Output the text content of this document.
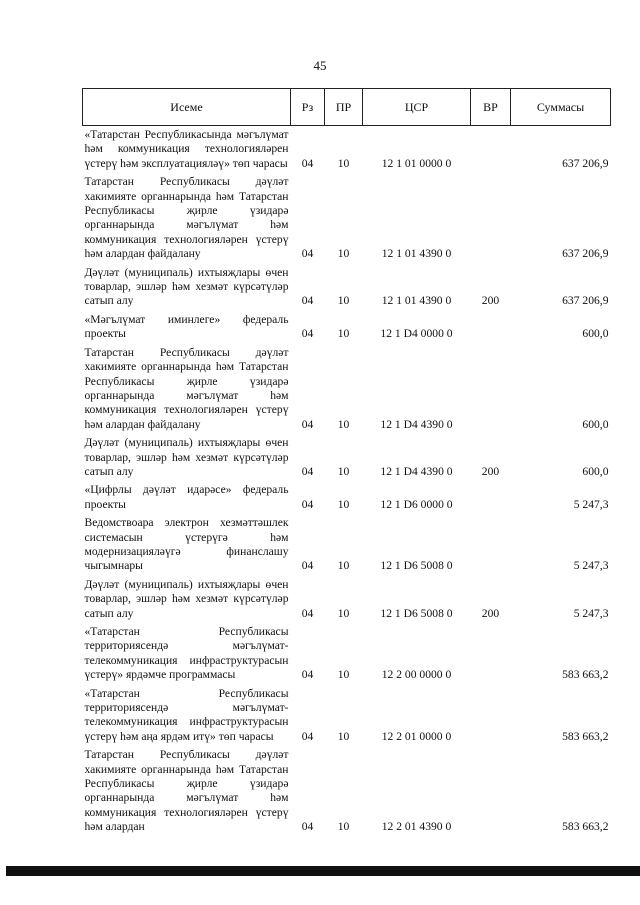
45
Исеме	Рз	ПР	ЦСР	ВР	Суммасы
«Татарстан Республикасында мәгълүмат һәм коммуникация технологияләрен үстерү һәм эксплуатацияләү» төп чарасы	04	10	12 1 01 0000 0		637 206,9
Татарстан Республикасы дәүләт хакимияте органнарында һәм Татарстан Республикасы җирле үзидарә органнарында мәгълүмат һәм коммуникация технологияләрен үстерү һәм алардан файдалану	04	10	12 1 01 4390 0		637 206,9
Дәүләт (муниципаль) ихтыяҗлары өчен товарлар, эшләр һәм хезмәт күрсәтүләр сатып алу	04	10	12 1 01 4390 0	200	637 206,9
«Мәгълүмат иминлеге» федераль проекты	04	10	12 1 D4 0000 0		600,0
Татарстан Республикасы дәүләт хакимияте органнарында һәм Татарстан Республикасы җирле үзидарә органнарында мәгълүмат һәм коммуникация технологияләрен үстерү һәм алардан файдалану	04	10	12 1 D4 4390 0		600,0
Дәүләт (муниципаль) ихтыяҗлары өчен товарлар, эшләр һәм хезмәт күрсәтүләр сатып алу	04	10	12 1 D4 4390 0	200	600,0
«Цифрлы дәүләт идарәсе» федераль проекты	04	10	12 1 D6 0000 0		5 247,3
Ведомствоара электрон хезмәттәшлек системасын үстерүгә һәм модернизацияләүгә финанслашу чыгымнары	04	10	12 1 D6 5008 0		5 247,3
Дәүләт (муниципаль) ихтыяҗлары өчен товарлар, эшләр һәм хезмәт күрсәтүләр сатып алу	04	10	12 1 D6 5008 0	200	5 247,3
«Татарстан Республикасы территориясендә мәгълүмат-телекоммуникация инфраструктурасын үстерү» ярдәмче программасы	04	10	12 2 00 0000 0		583 663,2
«Татарстан Республикасы территориясендә мәгълүмат-телекоммуникация инфраструктурасын үстерү һәм аңа ярдәм итү» төп чарасы	04	10	12 2 01 0000 0		583 663,2
Татарстан Республикасы дәүләт хакимияте органнарында һәм Татарстан Республикасы җирле үзидарә органнарында мәгълүмат һәм коммуникация технологияләрен үстерү һәм алардан	04	10	12 2 01 4390 0		583 663,2
